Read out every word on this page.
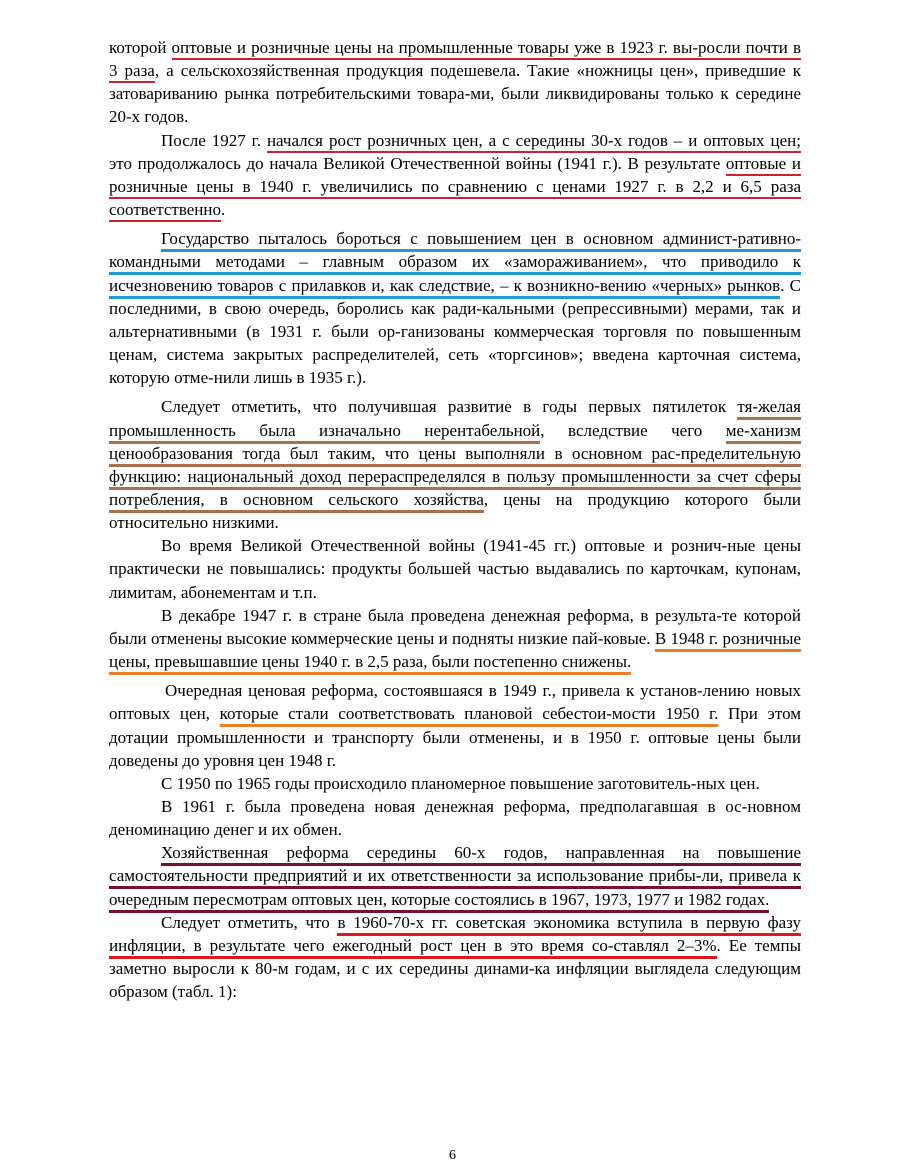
которой оптовые и розничные цены на промышленные товары уже в 1923 г. вы-росли почти в 3 раза, а сельскохозяйственная продукция подешевела. Такие «ножницы цен», приведшие к затовариванию рынка потребительскими товара-ми, были ликвидированы только к середине 20-х годов.

После 1927 г. начался рост розничных цен, а с середины 30-х годов – и оптовых цен; это продолжалось до начала Великой Отечественной войны (1941 г.). В результате оптовые и розничные цены в 1940 г. увеличились по сравнению с ценами 1927 г. в 2,2 и 6,5 раза соответственно.

Государство пыталось бороться с повышением цен в основном админист-ративно-командными методами – главным образом их «замораживанием», что приводило к исчезновению товаров с прилавков и, как следствие, – к возникно-вению «черных» рынков. С последними, в свою очередь, боролись как ради-кальными (репрессивными) мерами, так и альтернативными (в 1931 г. были ор-ганизованы коммерческая торговля по повышенным ценам, система закрытых распределителей, сеть «торгсинов»; введена карточная система, которую отме-нили лишь в 1935 г.).

Следует отметить, что получившая развитие в годы первых пятилеток тя-желая промышленность была изначально нерентабельной, вследствие чего ме-ханизм ценообразования тогда был таким, что цены выполняли в основном рас-пределительную функцию: национальный доход перераспределялся в пользу промышленности за счет сферы потребления, в основном сельского хозяйства, цены на продукцию которого были относительно низкими.

Во время Великой Отечественной войны (1941-45 гг.) оптовые и рознич-ные цены практически не повышались: продукты большей частью выдавались по карточкам, купонам, лимитам, абонементам и т.п.

В декабре 1947 г. в стране была проведена денежная реформа, в результа-те которой были отменены высокие коммерческие цены и подняты низкие пай-ковые. В 1948 г. розничные цены, превышавшие цены 1940 г. в 2,5 раза, были постепенно снижены.

Очередная ценовая реформа, состоявшаяся в 1949 г., привела к установ-лению новых оптовых цен, которые стали соответствовать плановой себестои-мости 1950 г. При этом дотации промышленности и транспорту были отменены, и в 1950 г. оптовые цены были доведены до уровня цен 1948 г.

С 1950 по 1965 годы происходило планомерное повышение заготовитель-ных цен.

В 1961 г. была проведена новая денежная реформа, предполагавшая в ос-новном деноминацию денег и их обмен.

Хозяйственная реформа середины 60-х годов, направленная на повышение самостоятельности предприятий и их ответственности за использование прибы-ли, привела к очередным пересмотрам оптовых цен, которые состоялись в 1967, 1973, 1977 и 1982 годах.

Следует отметить, что в 1960-70-х гг. советская экономика вступила в первую фазу инфляции, в результате чего ежегодный рост цен в это время со-ставлял 2–3%. Ее темпы заметно выросли к 80-м годам, и с их середины динами-ка инфляции выглядела следующим образом (табл. 1):

6
